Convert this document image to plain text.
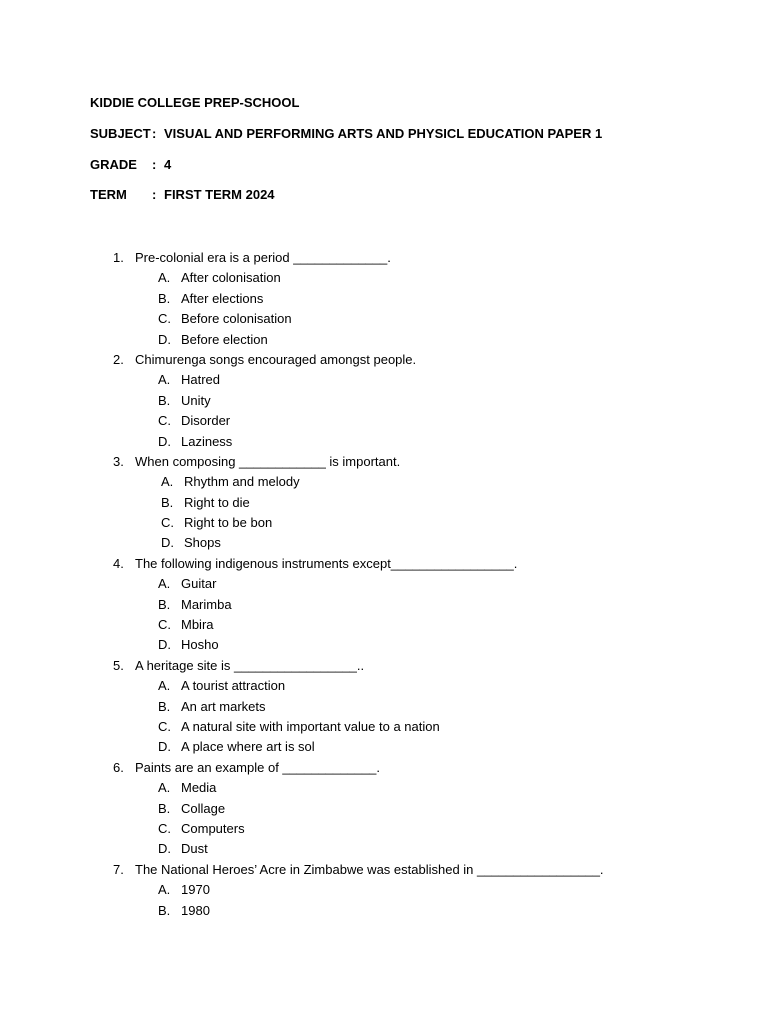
KIDDIE COLLEGE PREP-SCHOOL
SUBJECT: VISUAL AND PERFORMING ARTS AND PHYSICL EDUCATION PAPER 1
GRADE : 4
TERM : FIRST TERM 2024
1. Pre-colonial era is a period _____________.
A. After colonisation
B. After elections
C. Before colonisation
D. Before election
2. Chimurenga songs encouraged amongst people.
A. Hatred
B. Unity
C. Disorder
D. Laziness
3. When composing ____________ is important.
A. Rhythm and melody
B. Right to die
C. Right to be bon
D. Shops
4. The following indigenous instruments except_________________.
A. Guitar
B. Marimba
C. Mbira
D. Hosho
5. A heritage site is _________________..
A. A tourist attraction
B. An art markets
C. A natural site with important value to a nation
D. A place where art is sol
6. Paints are an example of _____________.
A. Media
B. Collage
C. Computers
D. Dust
7. The National Heroes’ Acre in Zimbabwe was established in _________________.
A. 1970
B. 1980
